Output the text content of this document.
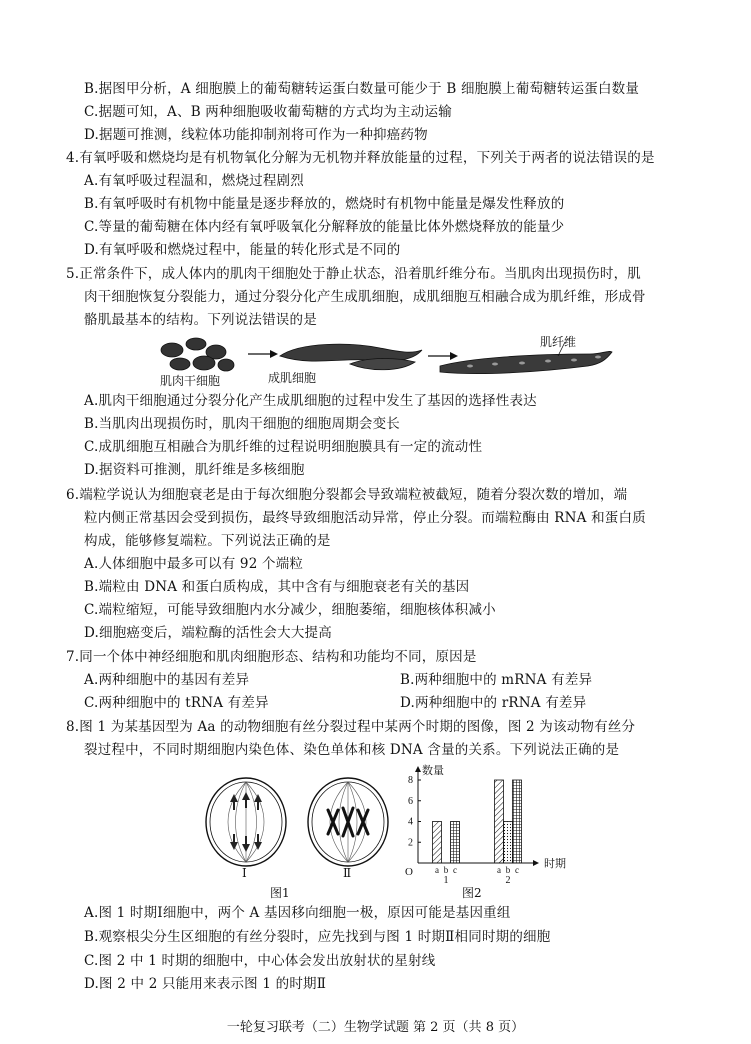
B.据图甲分析，A 细胞膜上的葡萄糖转运蛋白数量可能少于 B 细胞膜上葡萄糖转运蛋白数量
C.据题可知，A、B 两种细胞吸收葡萄糖的方式均为主动运输
D.据题可推测，线粒体功能抑制剂将可作为一种抑癌药物
4.有氧呼吸和燃烧均是有机物氧化分解为无机物并释放能量的过程，下列关于两者的说法错误的是
A.有氧呼吸过程温和，燃烧过程剧烈
B.有氧呼吸时有机物中能量是逐步释放的，燃烧时有机物中能量是爆发性释放的
C.等量的葡萄糖在体内经有氧呼吸氧化分解释放的能量比体外燃烧释放的能量少
D.有氧呼吸和燃烧过程中，能量的转化形式是不同的
5.正常条件下，成人体内的肌肉干细胞处于静止状态，沿着肌纤维分布。当肌肉出现损伤时，肌
肉干细胞恢复分裂能力，通过分裂分化产生成肌细胞，成肌细胞互相融合成为肌纤维，形成骨
骼肌最基本的结构。下列说法错误的是
肌肉干细胞	成肌细胞
肌纤维
A.肌肉干细胞通过分裂分化产生成肌细胞的过程中发生了基因的选择性表达
B.当肌肉出现损伤时，肌肉干细胞的细胞周期会变长
C.成肌细胞互相融合为肌纤维的过程说明细胞膜具有一定的流动性
D.据资料可推测，肌纤维是多核细胞
6.端粒学说认为细胞衰老是由于每次细胞分裂都会导致端粒被截短，随着分裂次数的增加，端
粒内侧正常基因会受到损伤，最终导致细胞活动异常，停止分裂。而端粒酶由 RNA 和蛋白质
构成，能够修复端粒。下列说法正确的是
A.人体细胞中最多可以有 92 个端粒
B.端粒由 DNA 和蛋白质构成，其中含有与细胞衰老有关的基因
C.端粒缩短，可能导致细胞内水分减少，细胞萎缩，细胞核体积减小
D.细胞癌变后，端粒酶的活性会大大提高
7.同一个体中神经细胞和肌肉细胞形态、结构和功能均不同，原因是
A.两种细胞中的基因有差异	B.两种细胞中的 mRNA 有差异
C.两种细胞中的 tRNA 有差异	D.两种细胞中的 rRNA 有差异
8.图 1 为某基因型为 Aa 的动物细胞有丝分裂过程中某两个时期的图像，图 2 为该动物有丝分
裂过程中，不同时期细胞内染色体、染色单体和核 DNA 含量的关系。下列说法正确的是
Ⅰ	Ⅱ
图1
2
4
6
8
数量
时期
O a b c
1
a b c
2
图2
A.图 1 时期Ⅰ细胞中，两个 A 基因移向细胞一极，原因可能是基因重组
B.观察根尖分生区细胞的有丝分裂时，应先找到与图 1 时期Ⅱ相同时期的细胞
C.图 2 中 1 时期的细胞中，中心体会发出放射状的星射线
D.图 2 中 2 只能用来表示图 1 的时期Ⅱ
一轮复习联考（二）生物学试题 第 2 页（共 8 页）
